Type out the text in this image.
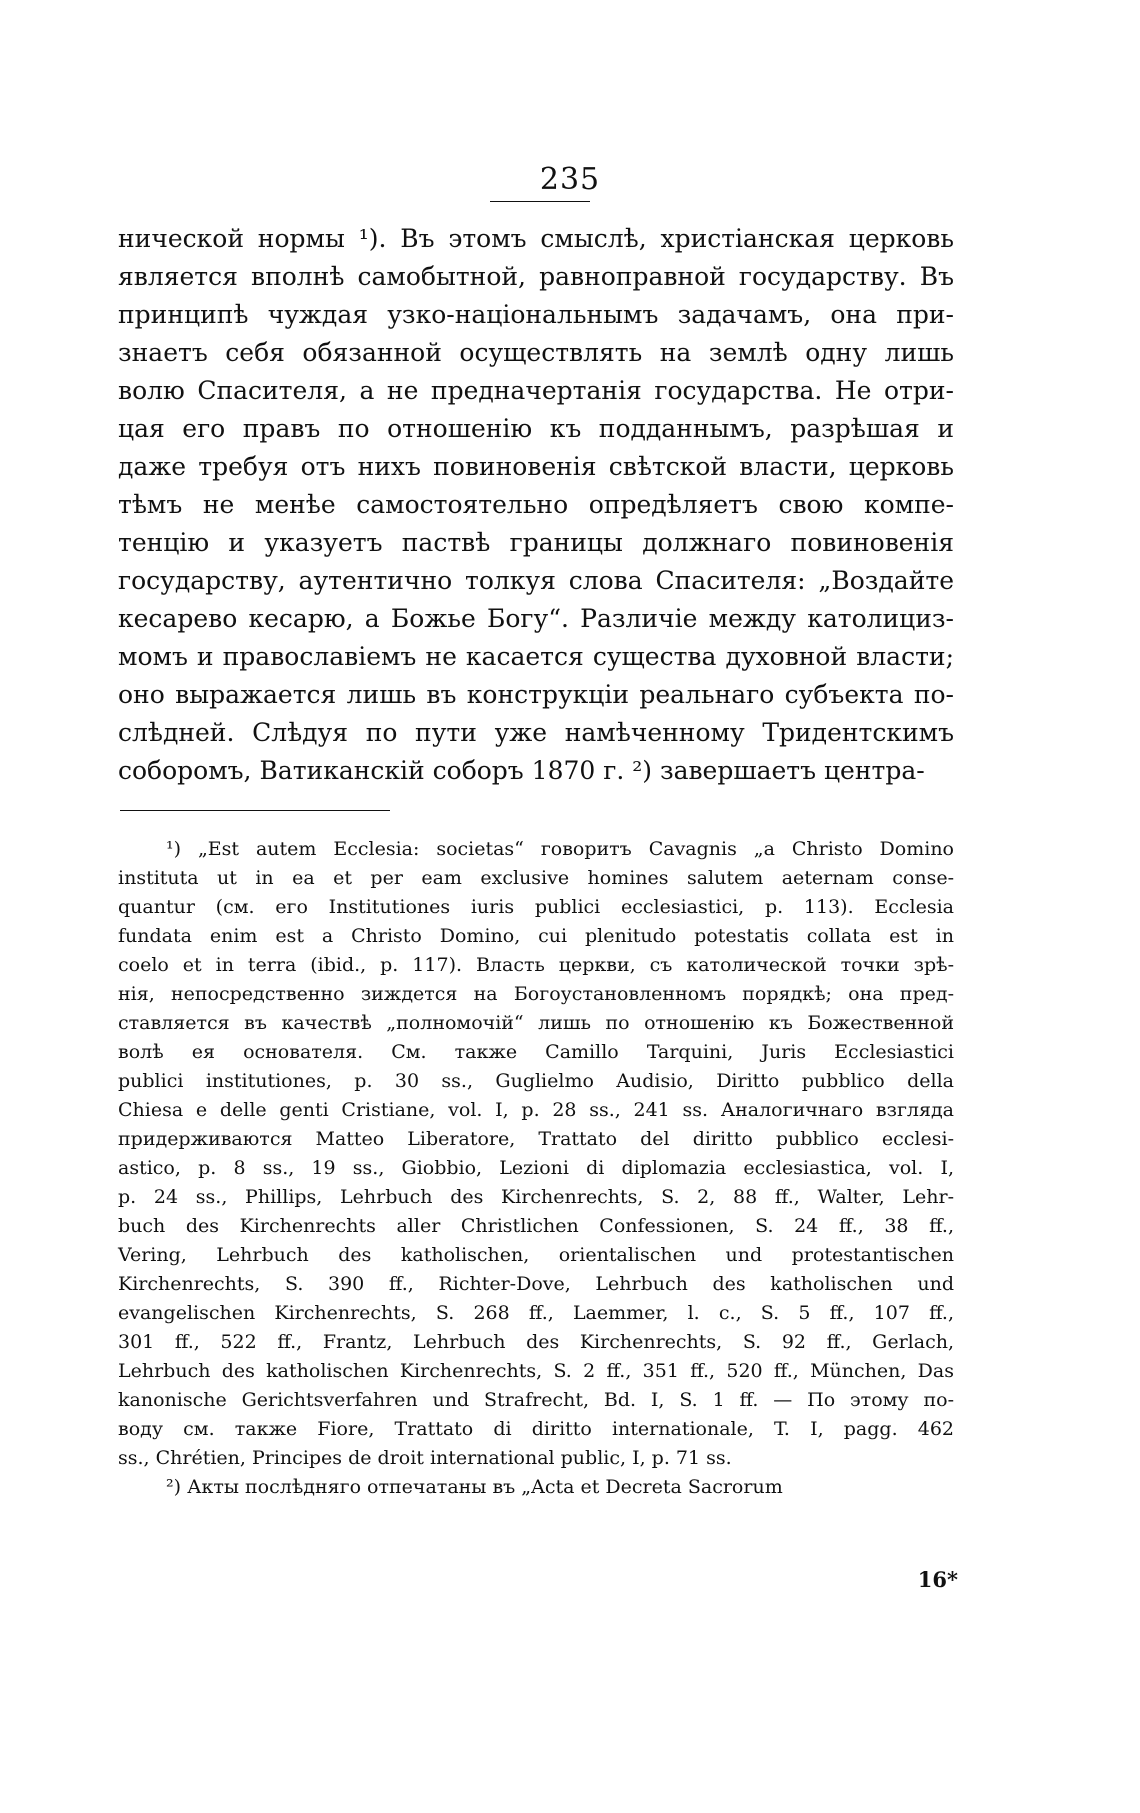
235
нической нормы ¹). Въ этомъ смыслѣ, христіанская церковь
является вполнѣ самобытной, равноправной государству. Въ
принципѣ чуждая узко-національнымъ задачамъ, она при-
знаетъ себя обязанной осуществлять на землѣ одну лишь
волю Спасителя, а не предначертанія государства. Не отри-
цая его правъ по отношенію къ подданнымъ, разрѣшая и
даже требуя отъ нихъ повиновенія свѣтской власти, церковь
тѣмъ не менѣе самостоятельно опредѣляетъ свою компе-
тенцію и указуетъ паствѣ границы должнаго повиновенія
государству, аутентично толкуя слова Спасителя: „Воздайте
кесарево кесарю, а Божье Богу“. Различіе между католициз-
момъ и православіемъ не касается существа духовной власти;
оно выражается лишь въ конструкціи реальнаго субъекта по-
слѣдней. Слѣдуя по пути уже намѣченному Тридентскимъ
соборомъ, Ватиканскій соборъ 1870 г. ²) завершаетъ центра-
¹) „Est autem Ecclesia: societas“ говоритъ Cavagnis „a Christo Domino
instituta ut in ea et per eam exclusive homines salutem aeternam conse-
quantur (см. его Institutiones iuris publici ecclesiastici, p. 113). Ecclesia
fundata enim est a Christo Domino, cui plenitudo potestatis collata est in
coelo et in terra (ibid., p. 117). Власть церкви, съ католической точки зрѣ-
нія, непосредственно зиждется на Богоустановленномъ порядкѣ; она пред-
ставляется въ качествѣ „полномочій“ лишь по отношенію къ Божественной
волѣ ея основателя. См. также Camillo Tarquini, Juris Ecclesiastici
publici institutiones, p. 30 ss., Guglielmo Audisio, Diritto pubblico della
Chiesa e delle genti Cristiane, vol. I, p. 28 ss., 241 ss. Аналогичнаго взгляда
придерживаются Matteo Liberatore, Trattato del diritto pubblico ecclesi-
astico, p. 8 ss., 19 ss., Giobbio, Lezioni di diplomazia ecclesiastica, vol. I,
p. 24 ss., Phillips, Lehrbuch des Kirchenrechts, S. 2, 88 ff., Walter, Lehr-
buch des Kirchenrechts aller Christlichen Confessionen, S. 24 ff., 38 ff.,
Vering, Lehrbuch des katholischen, orientalischen und protestantischen
Kirchenrechts, S. 390 ff., Richter-Dove, Lehrbuch des katholischen und
evangelischen Kirchenrechts, S. 268 ff., Laemmer, l. c., S. 5 ff., 107 ff.,
301 ff., 522 ff., Frantz, Lehrbuch des Kirchenrechts, S. 92 ff., Gerlach,
Lehrbuch des katholischen Kirchenrechts, S. 2 ff., 351 ff., 520 ff., München, Das
kanonische Gerichtsverfahren und Strafrecht, Bd. I, S. 1 ff. — По этому по-
воду см. также Fiore, Trattato di diritto internationale, T. I, pagg. 462
ss., Chrétien, Principes de droit international public, I, p. 71 ss.
²) Акты послѣдняго отпечатаны въ „Acta et Decreta Sacrorum
16*
